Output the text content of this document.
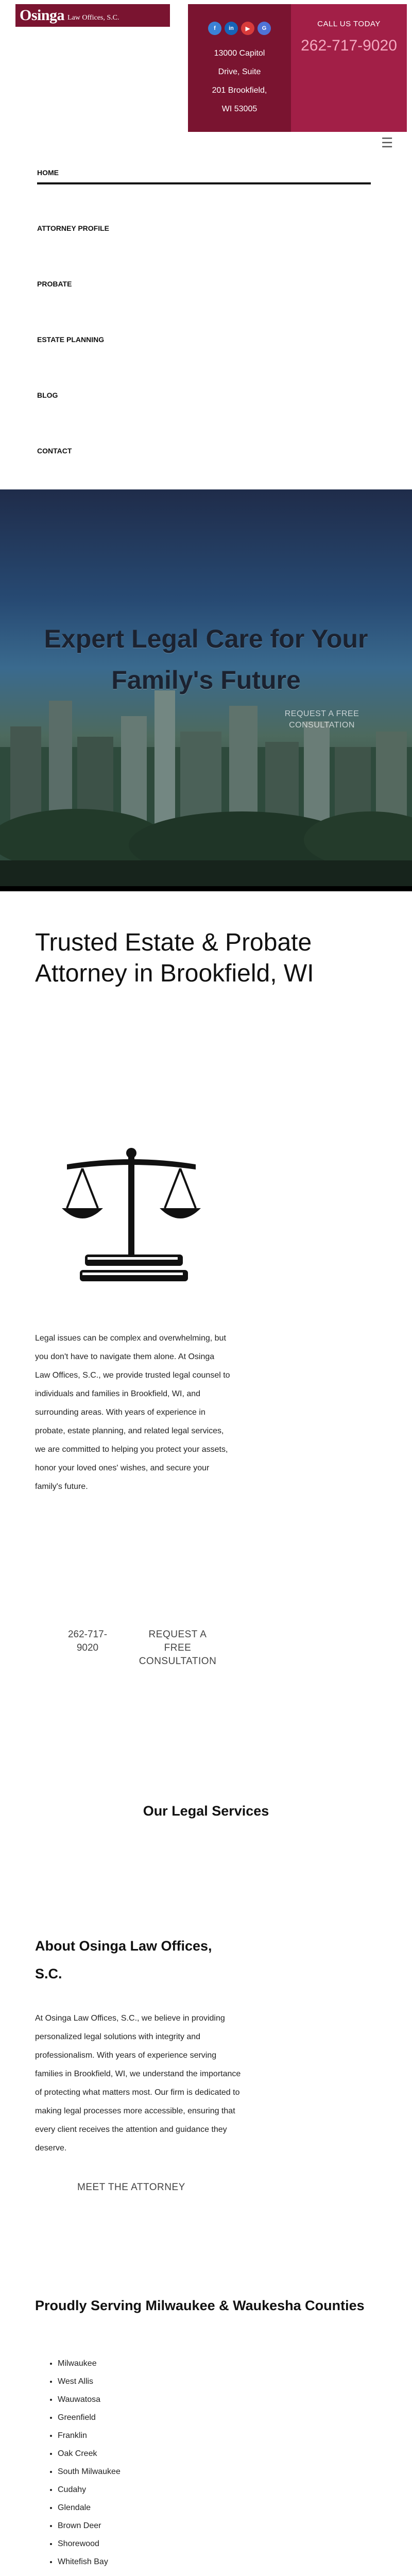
Osinga Law Offices, S.C.
f	in	▶	G
13000 Capitol
Drive, Suite
201 Brookfield,
WI 53005
CALL US TODAY
262-717-9020
☰
HOME
ATTORNEY PROFILE
PROBATE
ESTATE PLANNING
BLOG
CONTACT
Expert Legal Care for Your Family's Future
REQUEST A FREE CONSULTATION
Trusted Estate & Probate Attorney in Brookfield, WI

Legal issues can be complex and overwhelming, but you don't have to navigate them alone. At Osinga Law Offices, S.C., we provide trusted legal counsel to individuals and families in Brookfield, WI, and surrounding areas. With years of experience in probate, estate planning, and related legal services, we are committed to helping you protect your assets, honor your loved ones' wishes, and secure your family's future.

262-717-9020
REQUEST A FREE CONSULTATION
Our Legal Services
About Osinga Law Offices, S.C.

At Osinga Law Offices, S.C., we believe in providing personalized legal solutions with integrity and professionalism. With years of experience serving families in Brookfield, WI, we understand the importance of protecting what matters most. Our firm is dedicated to making legal processes more accessible, ensuring that every client receives the attention and guidance they deserve.

MEET THE ATTORNEY
Proudly Serving Milwaukee & Waukesha Counties
• Milwaukee
• West Allis
• Wauwatosa
• Greenfield
• Franklin
• Oak Creek
• South Milwaukee
• Cudahy
• Glendale
• Brown Deer
• Shorewood
• Whitefish Bay
•
